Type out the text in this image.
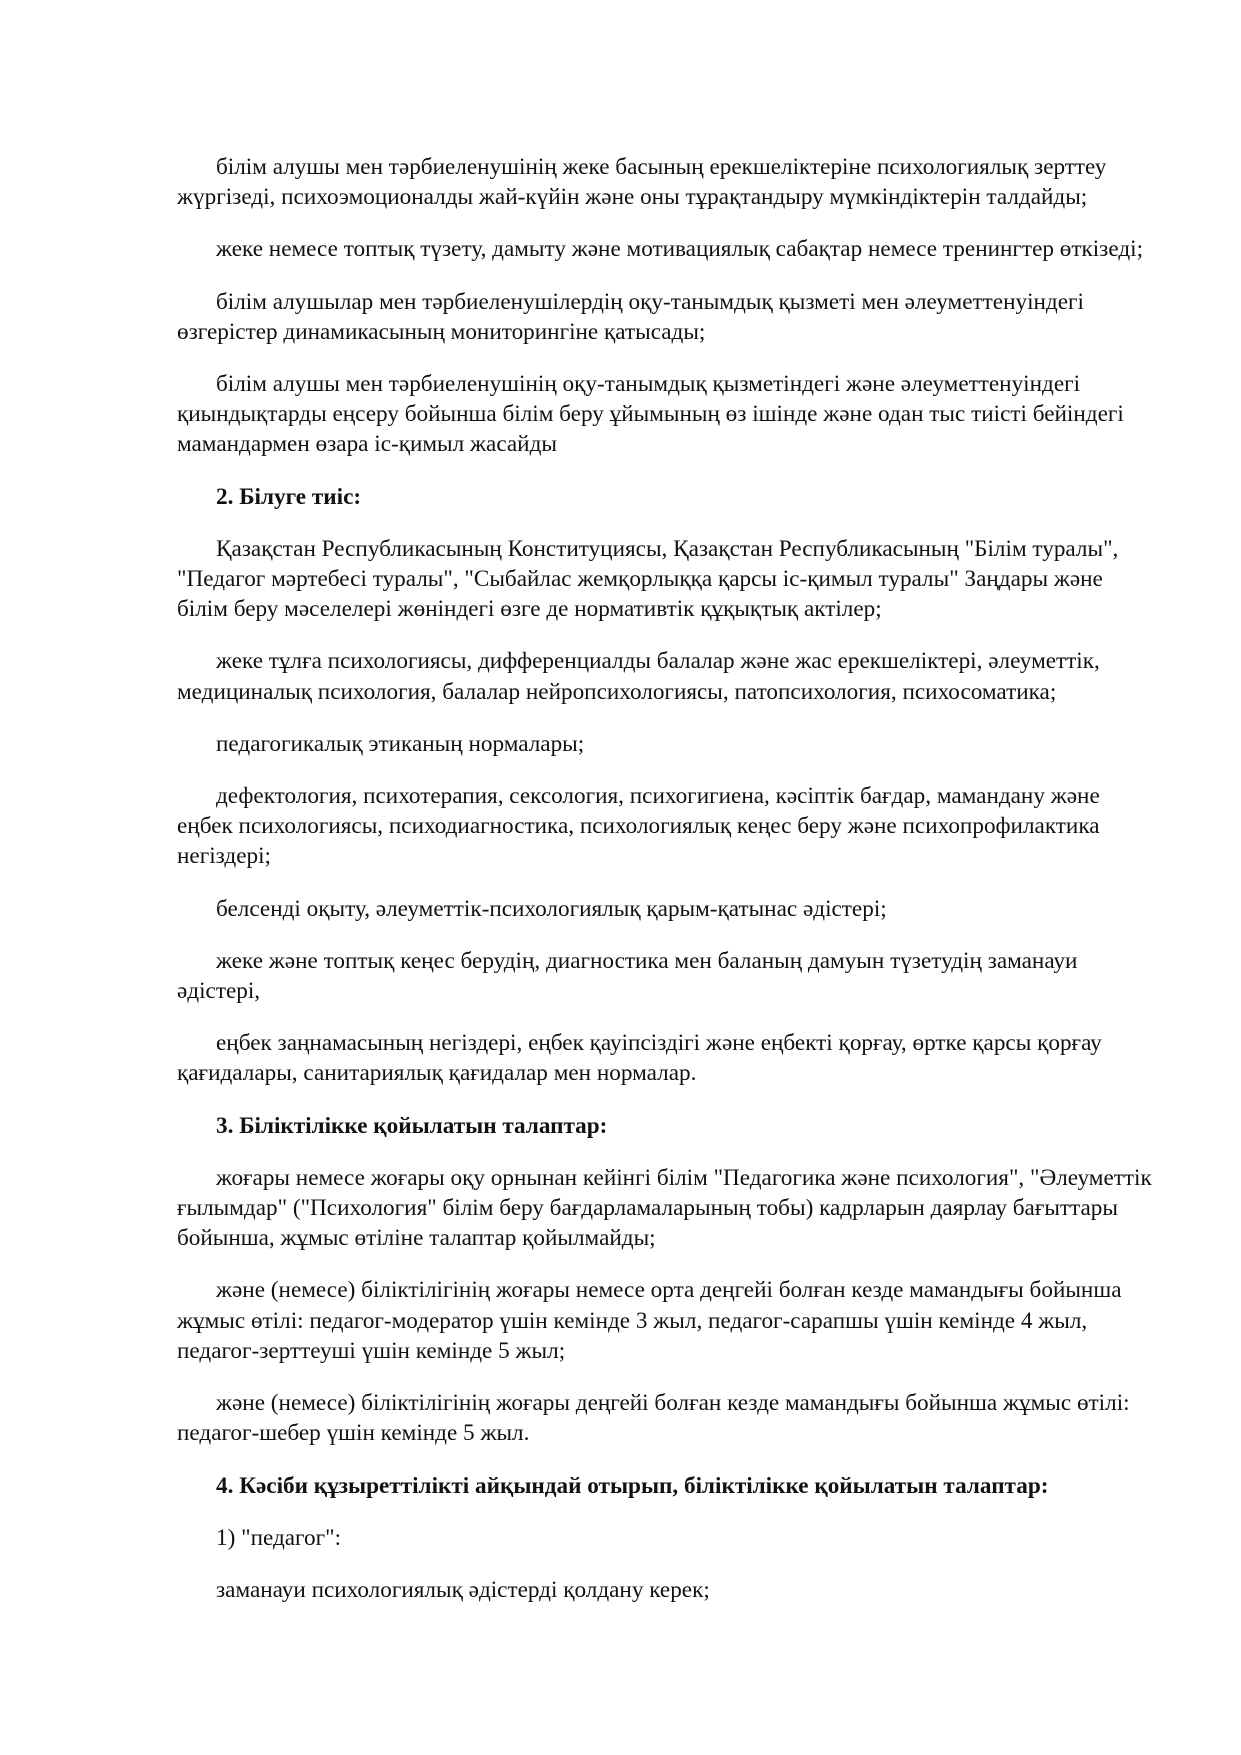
білім алушы мен тәрбиеленушінің жеке басының ерекшеліктеріне психологиялық зерттеу жүргізеді, психоэмоционалды жай-күйін және оны тұрақтандыру мүмкіндіктерін талдайды;

жеке немесе топтық түзету, дамыту және мотивациялық сабақтар немесе тренингтер өткізеді;

білім алушылар мен тәрбиеленушілердің оқу-танымдық қызметі мен әлеуметтенуіндегі өзгерістер динамикасының мониторингіне қатысады;

білім алушы мен тәрбиеленушінің оқу-танымдық қызметіндегі және әлеуметтенуіндегі қиындықтарды еңсеру бойынша білім беру ұйымының өз ішінде және одан тыс тиісті бейіндегі мамандармен өзара іс-қимыл жасайды

2. Білуге тиіс:

Қазақстан Республикасының Конституциясы, Қазақстан Республикасының "Білім туралы", "Педагог мәртебесі туралы", "Сыбайлас жемқорлыққа қарсы іс-қимыл туралы" Заңдары және білім беру мәселелері жөніндегі өзге де нормативтік құқықтық актілер;

жеке тұлға психологиясы, дифференциалды балалар және жас ерекшеліктері, әлеуметтік, медициналық психология, балалар нейропсихологиясы, патопсихология, психосоматика;

педагогикалық этиканың нормалары;

дефектология, психотерапия, сексология, психогигиена, кәсіптік бағдар, мамандану және еңбек психологиясы, психодиагностика, психологиялық кеңес беру және психопрофилактика негіздері;

белсенді оқыту, әлеуметтік-психологиялық қарым-қатынас әдістері;

жеке және топтық кеңес берудің, диагностика мен баланың дамуын түзетудің заманауи әдістері,

еңбек заңнамасының негіздері, еңбек қауіпсіздігі және еңбекті қорғау, өртке қарсы қорғау қағидалары, санитариялық қағидалар мен нормалар.

3. Біліктілікке қойылатын талаптар:

жоғары немесе жоғары оқу орнынан кейінгі білім "Педагогика және психология", "Әлеуметтік ғылымдар" ("Психология" білім беру бағдарламаларының тобы) кадрларын даярлау бағыттары бойынша, жұмыс өтіліне талаптар қойылмайды;

және (немесе) біліктілігінің жоғары немесе орта деңгейі болған кезде мамандығы бойынша жұмыс өтілі: педагог-модератор үшін кемінде 3 жыл, педагог-сарапшы үшін кемінде 4 жыл, педагог-зерттеуші үшін кемінде 5 жыл;

және (немесе) біліктілігінің жоғары деңгейі болған кезде мамандығы бойынша жұмыс өтілі: педагог-шебер үшін кемінде 5 жыл.

4. Кәсіби құзыреттілікті айқындай отырып, біліктілікке қойылатын талаптар:

1) "педагог":

заманауи психологиялық әдістерді қолдану керек;
